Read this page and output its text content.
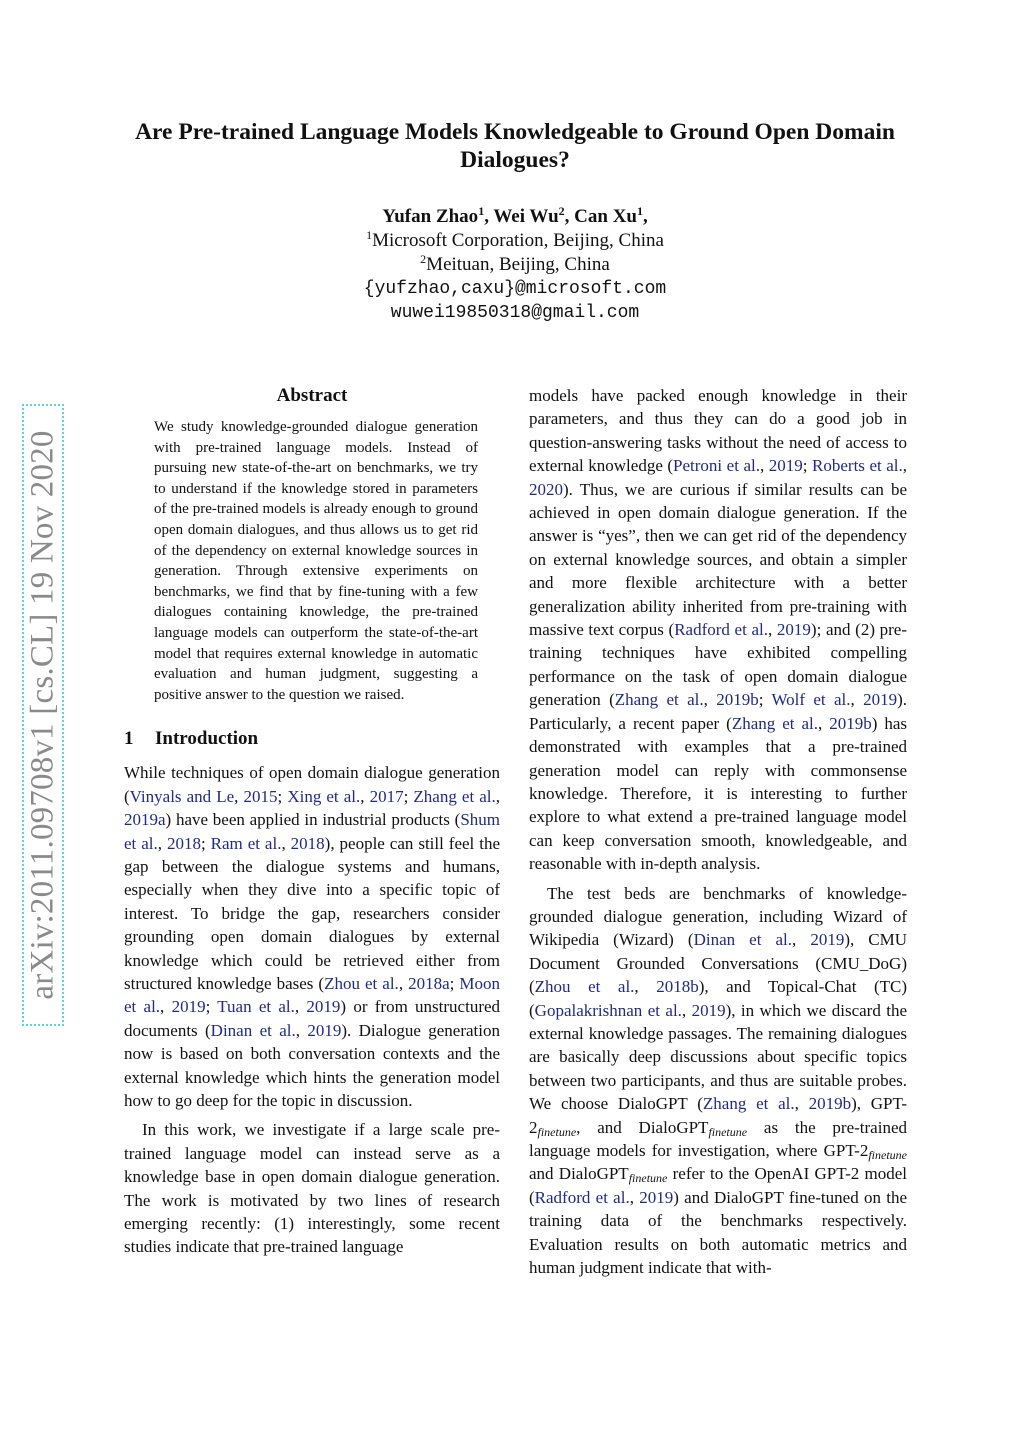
arXiv:2011.09708v1 [cs.CL] 19 Nov 2020
Are Pre-trained Language Models Knowledgeable to Ground Open Domain Dialogues?
Yufan Zhao$^1$, Wei Wu$^2$, Can Xu$^1$,
$^1$Microsoft Corporation, Beijing, China
$^2$Meituan, Beijing, China
{yufzhao,caxu}@microsoft.com
wuwei19850318@gmail.com
Abstract
We study knowledge-grounded dialogue generation with pre-trained language models. Instead of pursuing new state-of-the-art on benchmarks, we try to understand if the knowledge stored in parameters of the pre-trained models is already enough to ground open domain dialogues, and thus allows us to get rid of the dependency on external knowledge sources in generation. Through extensive experiments on benchmarks, we find that by fine-tuning with a few dialogues containing knowledge, the pre-trained language models can outperform the state-of-the-art model that requires external knowledge in automatic evaluation and human judgment, suggesting a positive answer to the question we raised.
1 Introduction

While techniques of open domain dialogue generation (Vinyals and Le, 2015; Xing et al., 2017; Zhang et al., 2019a) have been applied in industrial products (Shum et al., 2018; Ram et al., 2018), people can still feel the gap between the dialogue systems and humans, especially when they dive into a specific topic of interest. To bridge the gap, researchers consider grounding open domain dialogues by external knowledge which could be retrieved either from structured knowledge bases (Zhou et al., 2018a; Moon et al., 2019; Tuan et al., 2019) or from unstructured documents (Dinan et al., 2019). Dialogue generation now is based on both conversation contexts and the external knowledge which hints the generation model how to go deep for the topic in discussion.

In this work, we investigate if a large scale pre-trained language model can instead serve as a knowledge base in open domain dialogue generation. The work is motivated by two lines of research emerging recently: (1) interestingly, some recent studies indicate that pre-trained language

models have packed enough knowledge in their parameters, and thus they can do a good job in question-answering tasks without the need of access to external knowledge (Petroni et al., 2019; Roberts et al., 2020). Thus, we are curious if similar results can be achieved in open domain dialogue generation. If the answer is “yes”, then we can get rid of the dependency on external knowledge sources, and obtain a simpler and more flexible architecture with a better generalization ability inherited from pre-training with massive text corpus (Radford et al., 2019); and (2) pre-training techniques have exhibited compelling performance on the task of open domain dialogue generation (Zhang et al., 2019b; Wolf et al., 2019). Particularly, a recent paper (Zhang et al., 2019b) has demonstrated with examples that a pre-trained generation model can reply with commonsense knowledge. Therefore, it is interesting to further explore to what extend a pre-trained language model can keep conversation smooth, knowledgeable, and reasonable with in-depth analysis.

The test beds are benchmarks of knowledge-grounded dialogue generation, including Wizard of Wikipedia (Wizard) (Dinan et al., 2019), CMU Document Grounded Conversations (CMU_DoG) (Zhou et al., 2018b), and Topical-Chat (TC) (Gopalakrishnan et al., 2019), in which we discard the external knowledge passages. The remaining dialogues are basically deep discussions about specific topics between two participants, and thus are suitable probes. We choose DialoGPT (Zhang et al., 2019b), GPT-$2_{finetune}$, and DialoGPT$_{finetune}$ as the pre-trained language models for investigation, where GPT-$2_{finetune}$ and DialoGPT$_{finetune}$ refer to the OpenAI GPT-2 model (Radford et al., 2019) and DialoGPT fine-tuned on the training data of the benchmarks respectively. Evaluation results on both automatic metrics and human judgment indicate that with-
